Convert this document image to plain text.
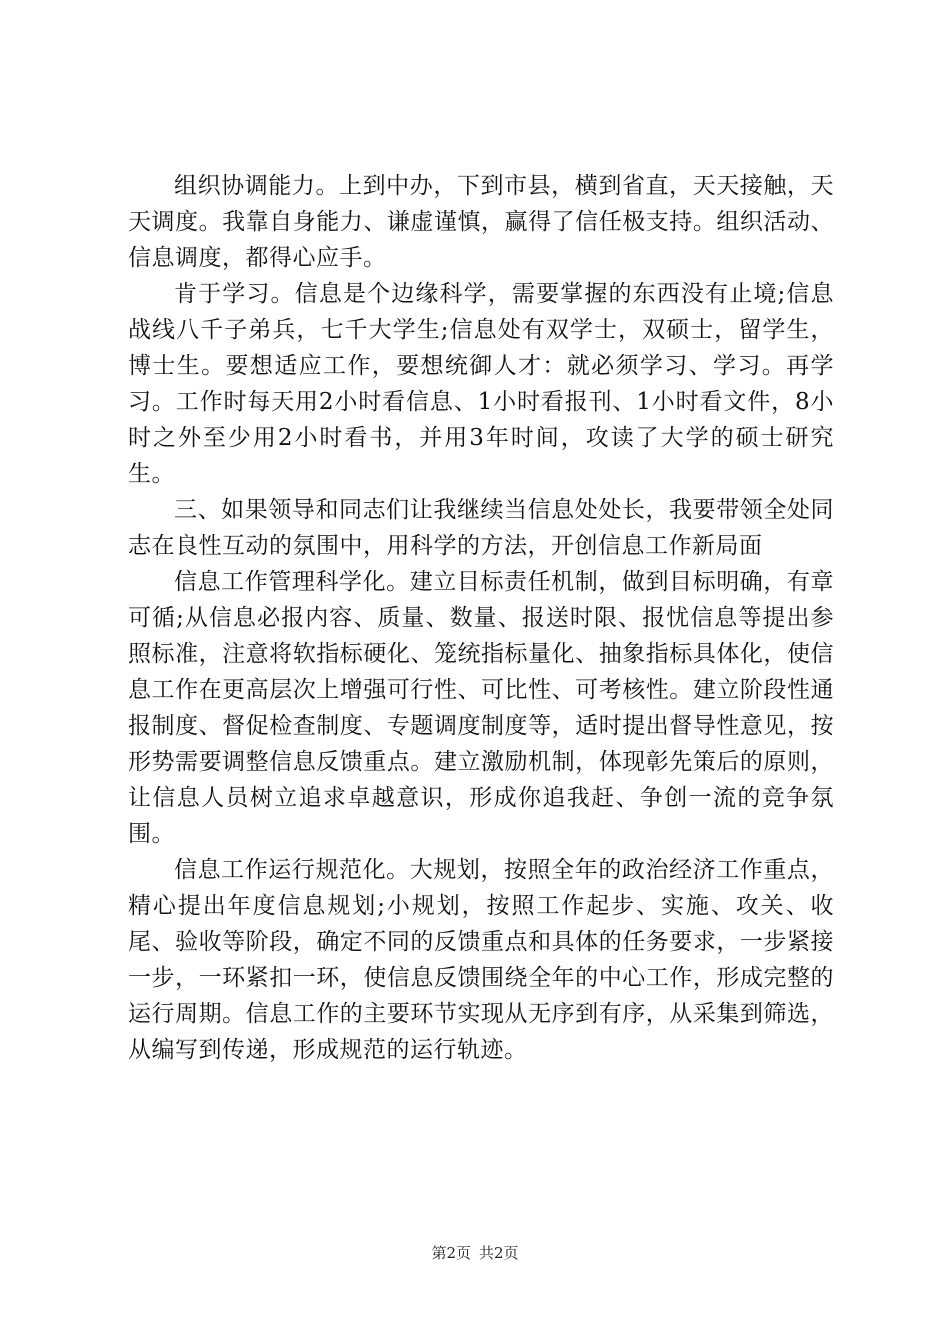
组织协调能力。上到中办，下到市县，横到省直，天天接触，天天调度。我靠自身能力、谦虚谨慎，赢得了信任极支持。组织活动、信息调度，都得心应手。

肯于学习。信息是个边缘科学，需要掌握的东西没有止境;信息战线八千子弟兵，七千大学生;信息处有双学士，双硕士，留学生，博士生。要想适应工作，要想统御人才：就必须学习、学习。再学习。工作时每天用2小时看信息、1小时看报刊、1小时看文件，8小时之外至少用2小时看书，并用3年时间，攻读了大学的硕士研究生。

三、如果领导和同志们让我继续当信息处处长，我要带领全处同志在良性互动的氛围中，用科学的方法，开创信息工作新局面

信息工作管理科学化。建立目标责任机制，做到目标明确，有章可循;从信息必报内容、质量、数量、报送时限、报忧信息等提出参照标准，注意将软指标硬化、笼统指标量化、抽象指标具体化，使信息工作在更高层次上增强可行性、可比性、可考核性。建立阶段性通报制度、督促检查制度、专题调度制度等，适时提出督导性意见，按形势需要调整信息反馈重点。建立激励机制，体现彰先策后的原则，让信息人员树立追求卓越意识，形成你追我赶、争创一流的竞争氛围。

信息工作运行规范化。大规划，按照全年的政治经济工作重点，精心提出年度信息规划;小规划，按照工作起步、实施、攻关、收尾、验收等阶段，确定不同的反馈重点和具体的任务要求，一步紧接一步，一环紧扣一环，使信息反馈围绕全年的中心工作，形成完整的运行周期。信息工作的主要环节实现从无序到有序，从采集到筛选，从编写到传递，形成规范的运行轨迹。

第2页 共2页
